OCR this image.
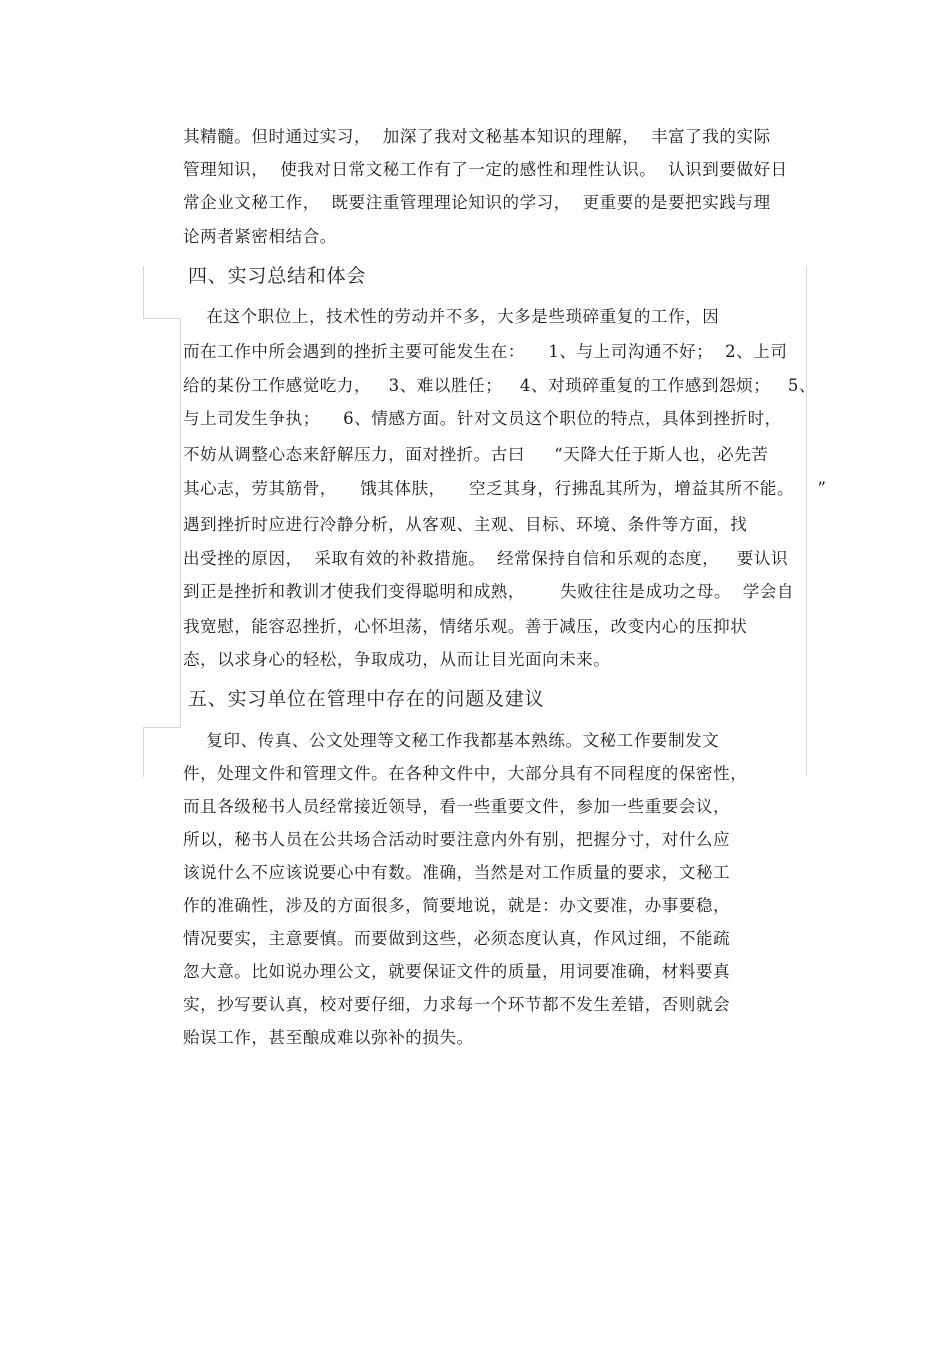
其精髓。但时通过实习，  加深了我对文秘基本知识的理解，  丰富了我的实际
管理知识，  使我对日常文秘工作有了一定的感性和理性认识。  认识到要做好日
常企业文秘工作，  既要注重管理理论知识的学习，  更重要的是要把实践与理
论两者紧密相结合。
四、实习总结和体会
在这个职位上，技术性的劳动并不多，大多是些琐碎重复的工作，因
而在工作中所会遇到的挫折主要可能发生在：    1、与上司沟通不好；  2、上司
给的某份工作感觉吃力，   3、难以胜任；   4、对琐碎重复的工作感到怨烦；   5、
与上司发生争执；    6、情感方面。针对文员这个职位的特点，具体到挫折时，
不妨从调整心态来舒解压力，面对挫折。古曰     “天降大任于斯人也，必先苦
其心志，劳其筋骨，    饿其体肤，    空乏其身，行拂乱其所为，增益其所不能。    ”
遇到挫折时应进行冷静分析，从客观、主观、目标、环境、条件等方面，找
出受挫的原因，  采取有效的补救措施。  经常保持自信和乐观的态度，   要认识
到正是挫折和教训才使我们变得聪明和成熟，      失败往往是成功之母。  学会自
我宽慰，能容忍挫折，心怀坦荡，情绪乐观。善于减压，改变内心的压抑状
态，以求身心的轻松，争取成功，从而让目光面向未来。
五、实习单位在管理中存在的问题及建议
复印、传真、公文处理等文秘工作我都基本熟练。文秘工作要制发文
件，处理文件和管理文件。在各种文件中，大部分具有不同程度的保密性，
而且各级秘书人员经常接近领导，看一些重要文件，参加一些重要会议，
所以，秘书人员在公共场合活动时要注意内外有别，把握分寸，对什么应
该说什么不应该说要心中有数。准确，当然是对工作质量的要求，文秘工
作的准确性，涉及的方面很多，简要地说，就是：办文要准，办事要稳，
情况要实，主意要慎。而要做到这些，必须态度认真，作风过细，不能疏
忽大意。比如说办理公文，就要保证文件的质量，用词要准确，材料要真
实，抄写要认真，校对要仔细，力求每一个环节都不发生差错，否则就会
贻误工作，甚至酿成难以弥补的损失。
